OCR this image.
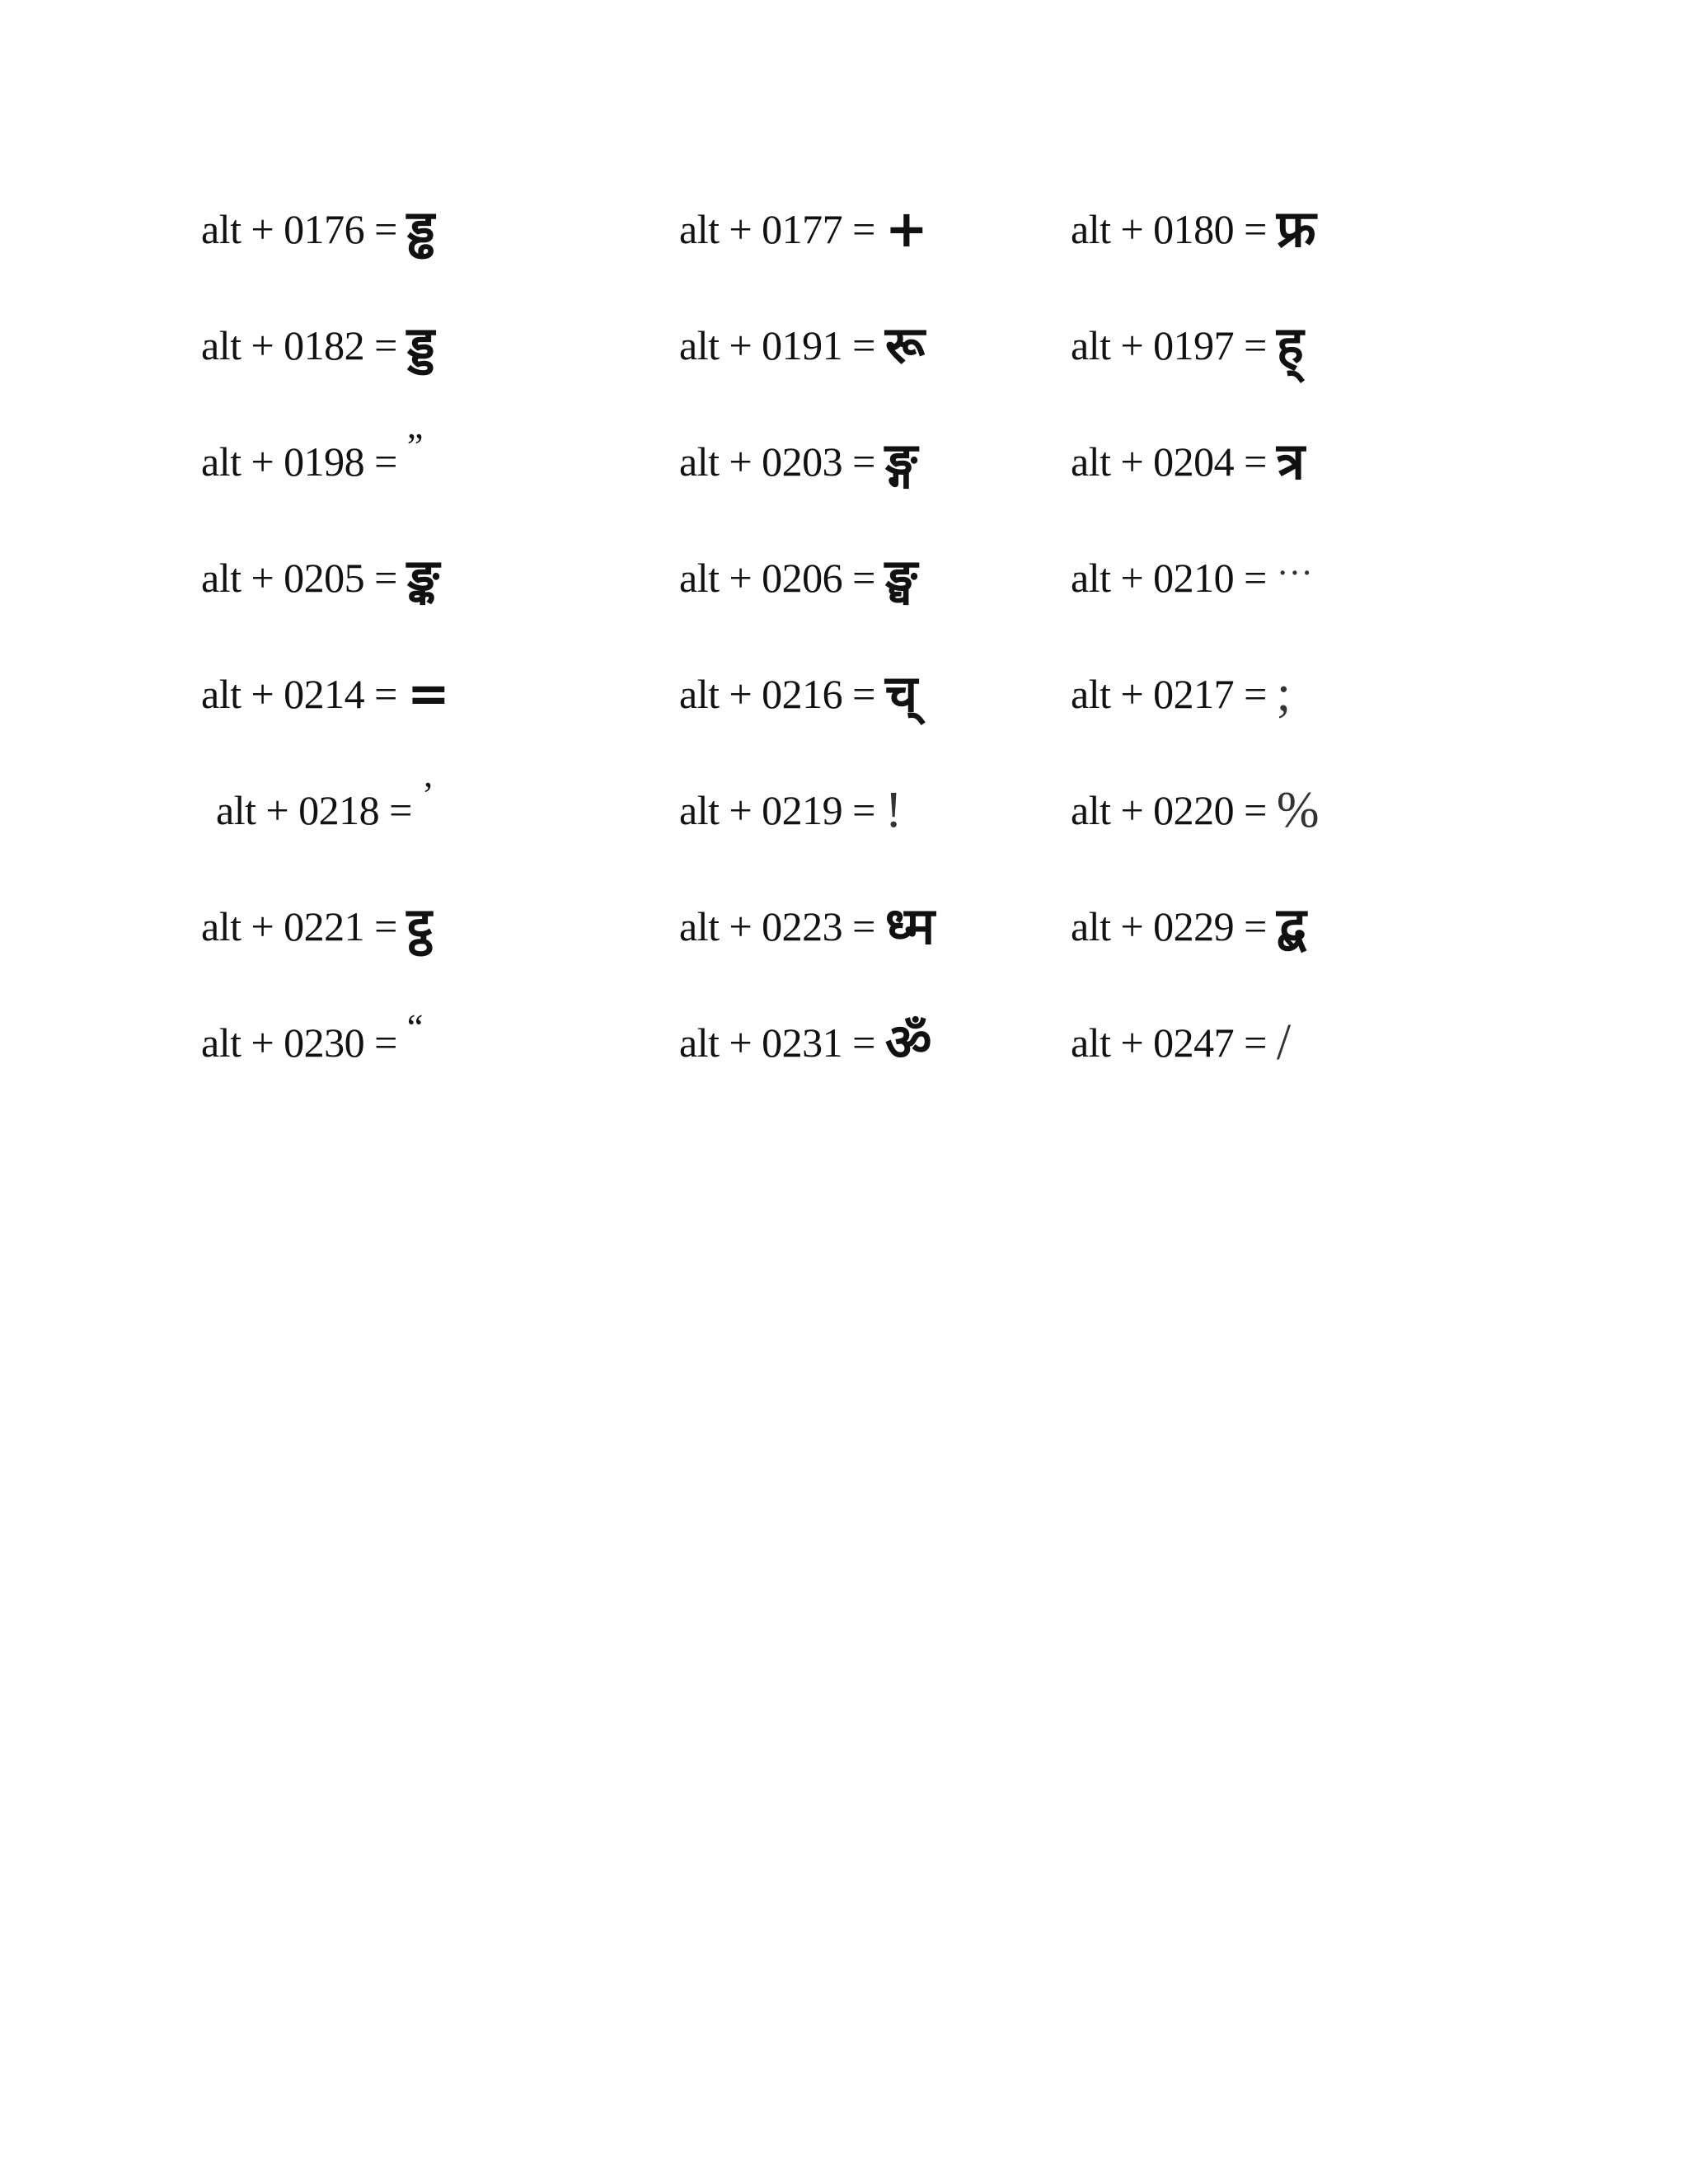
alt + 0176 = ड्ढ	alt + 0177 = +	alt + 0180 = फ्र
alt + 0182 = ड्ड	alt + 0191 = रू	alt + 0197 = ह्
alt + 0198 = ”	alt + 0203 = ङ्ग	alt + 0204 = त्र
alt + 0205 = ङ्क	alt + 0206 = ङ्घ	alt + 0210 = …
alt + 0214 = =	alt + 0216 = च्	alt + 0217 = ;
alt + 0218 = ’	alt + 0219 = !	alt + 0220 = %
alt + 0221 = ट्ठ	alt + 0223 = ध्म	alt + 0229 = द्ब
alt + 0230 = “	alt + 0231 = ॐ	alt + 0247 = /
